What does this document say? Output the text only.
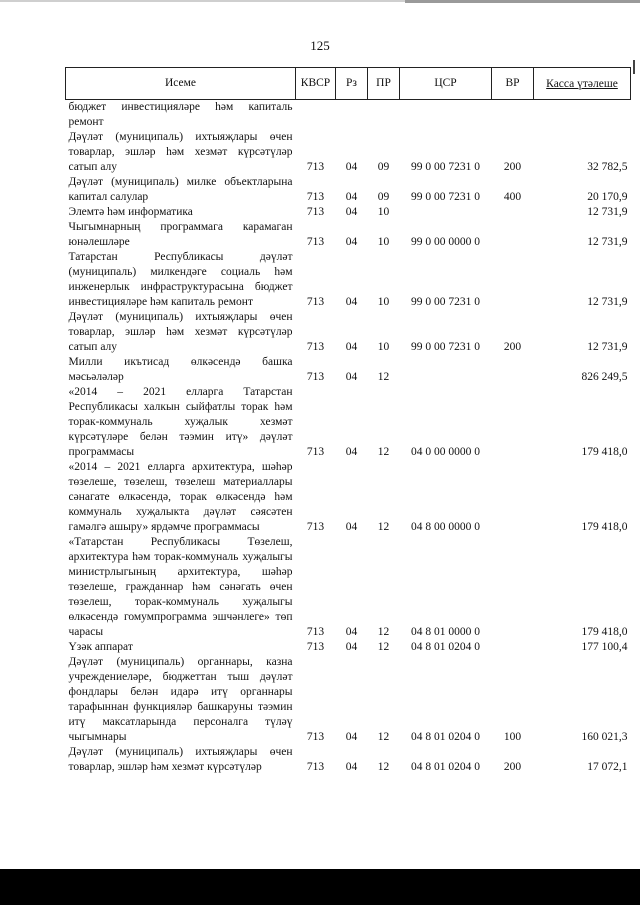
125
Исеме	КВСР	Рз	ПР	ЦСР	ВР	Касса үтәлеше

бюджет инвестицияләре һәм капиталь ремонт						
Дәүләт (муниципаль) ихтыяҗлары өчен товарлар, эшләр һәм хезмәт күрсәтүләр сатып алу	713	04	09	99 0 00 7231 0	200	32 782,5
Дәүләт (муниципаль) милке объектларына капитал салулар	713	04	09	99 0 00 7231 0	400	20 170,9
Элемтә һәм информатика	713	04	10			12 731,9
Чыгымнарның программага карамаган юнәлешләре	713	04	10	99 0 00 0000 0		12 731,9
Татарстан Республикасы дәүләт (муниципаль) милкендәге социаль һәм инженерлык инфраструктурасына бюджет инвестицияләре һәм капиталь ремонт	713	04	10	99 0 00 7231 0		12 731,9
Дәүләт (муниципаль) ихтыяҗлары өчен товарлар, эшләр һәм хезмәт күрсәтүләр сатып алу	713	04	10	99 0 00 7231 0	200	12 731,9
Милли икътисад өлкәсендә башка мәсьәләләр	713	04	12			826 249,5
«2014 – 2021 елларга Татарстан Республикасы халкын сыйфатлы торак һәм торак-коммуналь хуҗалык хезмәт күрсәтүләре белән тәэмин итү» дәүләт программасы	713	04	12	04 0 00 0000 0		179 418,0
«2014 – 2021 елларга архитектура, шәһәр төзелеше, төзелеш, төзелеш материаллары сәнагате өлкәсендә, торак өлкәсендә һәм коммуналь хуҗалыкта дәүләт сәясәтен гамәлгә ашыру» ярдәмче программасы	713	04	12	04 8 00 0000 0		179 418,0
«Татарстан Республикасы Төзелеш, архитектура һәм торак-коммуналь хуҗалыгы министрлыгының архитектура, шәһәр төзелеше, гражданнар һәм сәнәгать өчен төзелеш, торак-коммуналь хуҗалыгы өлкәсендә гомумпрограмма эшчәнлеге» төп чарасы	713	04	12	04 8 01 0000 0		179 418,0
Үзәк аппарат	713	04	12	04 8 01 0204 0		177 100,4
Дәүләт (муниципаль) органнары, казна учреждениеләре, бюджеттан тыш дәүләт фондлары белән идарә итү органнары тарафыннан функцияләр башкаруны тәэмин итү максатларында персоналга түләү чыгымнары	713	04	12	04 8 01 0204 0	100	160 021,3
Дәүләт (муниципаль) ихтыяҗлары өчен товарлар, эшләр һәм хезмәт күрсәтүләр	713	04	12	04 8 01 0204 0	200	17 072,1
